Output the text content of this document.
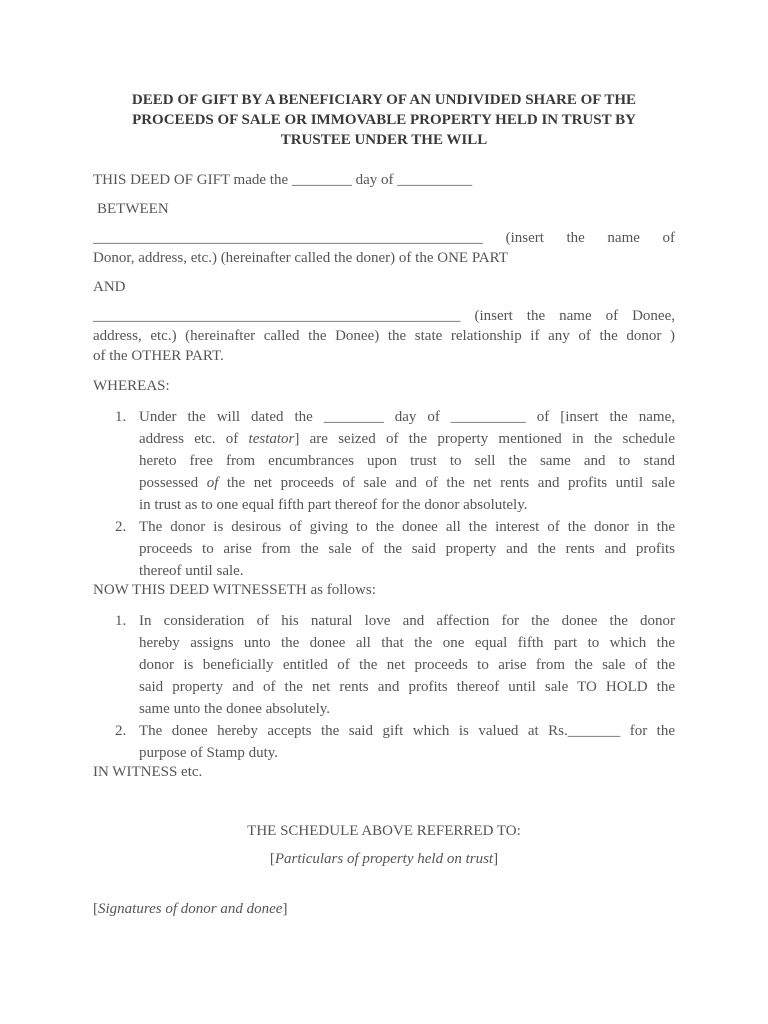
DEED OF GIFT BY A BENEFICIARY OF AN UNDIVIDED SHARE OF THE
PROCEEDS OF SALE OR IMMOVABLE PROPERTY HELD IN TRUST BY
TRUSTEE UNDER THE WILL
THIS DEED OF GIFT made the ________ day of __________
BETWEEN
____________________________________________________ (insert the name of
Donor, address, etc.) (hereinafter called the doner) of the ONE PART
AND
_________________________________________________ (insert the name of Donee,
address, etc.) (hereinafter called the Donee) the state relationship if any of the donor )
of the OTHER PART.
WHEREAS:
1. Under the will dated the ________ day of __________ of [insert the name,
address etc. of testator] are seized of the property mentioned in the schedule
hereto free from encumbrances upon trust to sell the same and to stand
possessed of the net proceeds of sale and of the net rents and profits until sale
in trust as to one equal fifth part thereof for the donor absolutely.
2. The donor is desirous of giving to the donee all the interest of the donor in the
proceeds to arise from the sale of the said property and the rents and profits
thereof until sale.
NOW THIS DEED WITNESSETH as follows:
1. In consideration of his natural love and affection for the donee the donor
hereby assigns unto the donee all that the one equal fifth part to which the
donor is beneficially entitled of the net proceeds to arise from the sale of the
said property and of the net rents and profits thereof until sale TO HOLD the
same unto the donee absolutely.
2. The donee hereby accepts the said gift which is valued at Rs._______ for the
purpose of Stamp duty.
IN WITNESS etc.
THE SCHEDULE ABOVE REFERRED TO:
[Particulars of property held on trust]
[Signatures of donor and donee]
